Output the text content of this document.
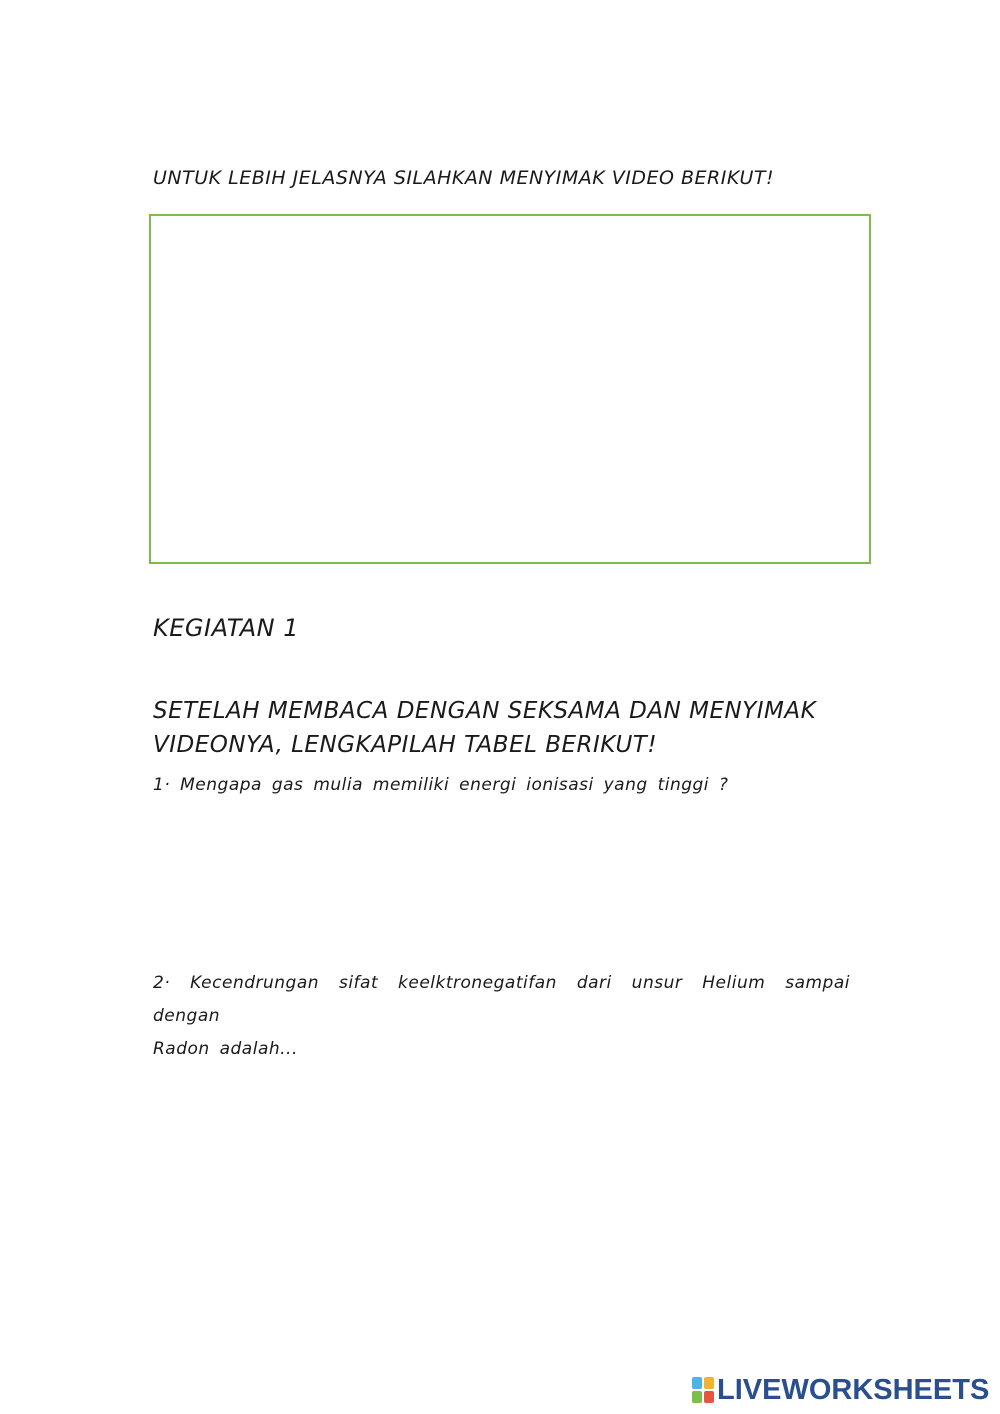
UNTUK LEBIH JELASNYA SILAHKAN MENYIMAK VIDEO BERIKUT!
KEGIATAN 1
SETELAH MEMBACA DENGAN SEKSAMA DAN MENYIMAK
VIDEONYA, LENGKAPILAH TABEL BERIKUT!
1· Mengapa gas mulia memiliki energi ionisasi yang tinggi ?
2· Kecendrungan sifat keelktronegatifan dari unsur Helium sampai dengan
Radon adalah...
LIVEWORKSHEETS
